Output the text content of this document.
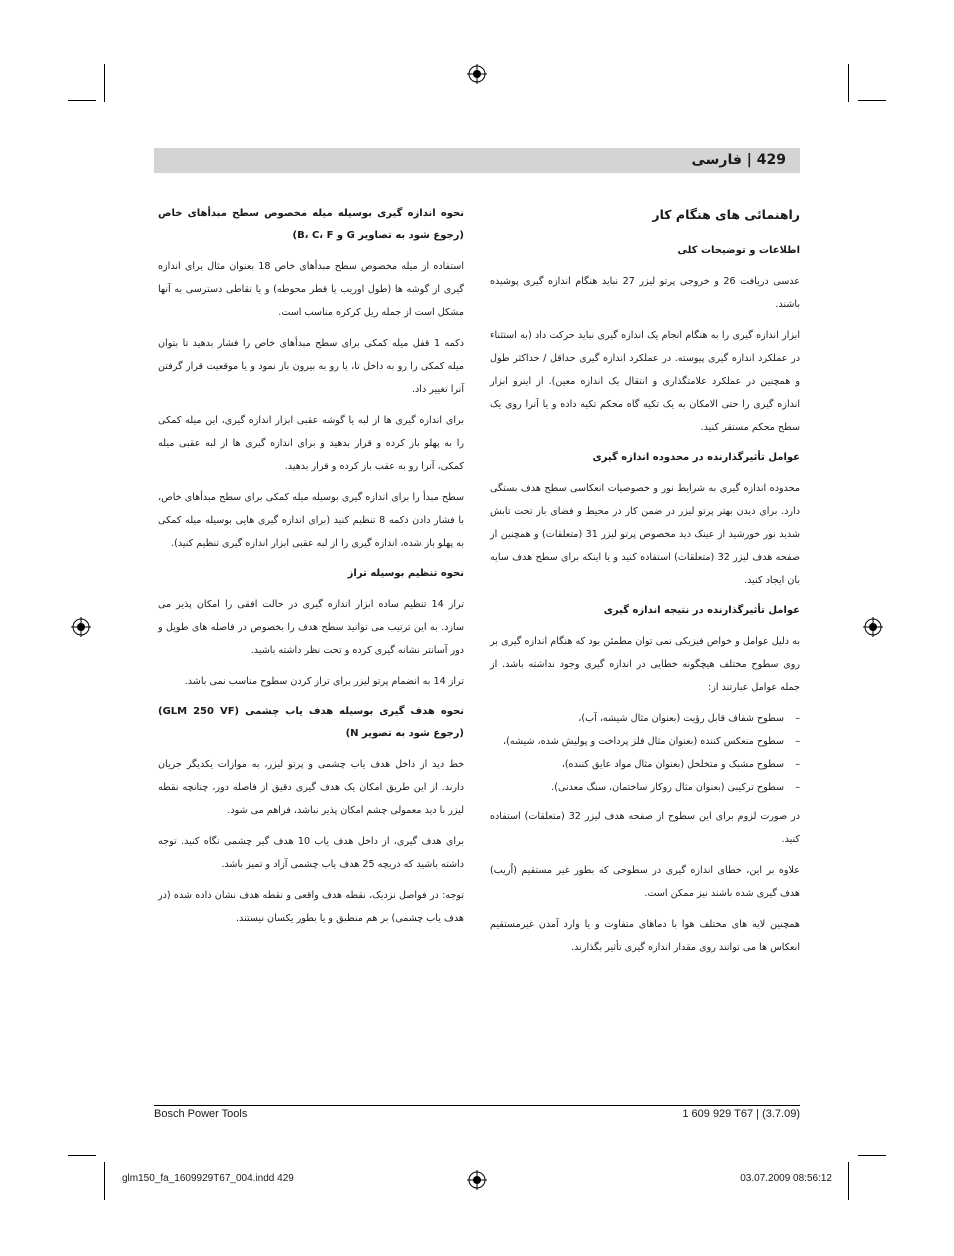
429 | فارسی
راهنمائی های هنگام کار
اطلاعات و توضیحات کلی
عدسی دریافت 26 و خروجی پرتو لیزر 27 نباید هنگام اندازه گیری پوشیده باشند.
ابزار اندازه گیری را به هنگام انجام یک اندازه گیری نباید حرکت داد (به استثناء در عملکرد اندازه گیری پیوسته. در عملکرد اندازه گیری حداقل / حداکثر طول و همچنین در عملکرد علامتگذاری و انتقال یک اندازه معین). از اینرو ابزار اندازه گیری را حتی الامکان به یک تکیه گاه محکم تکیه داده و یا آنرا روی یک سطح محکم مستقر کنید.
عوامل تأثیرگذارنده در محدوده اندازه گیری
محدوده اندازه گیری به شرایط نور و خصوصیات انعکاسی سطح هدف بستگی دارد. برای دیدن بهتر پرتو لیزر در ضمن کار در محیط و فضای باز تحت تابش شدید نور خورشید از عینک دید مخصوص پرتو لیزر 31 (متعلقات) و همچنین از صفحه هدف لیزر 32 (متعلقات) استفاده کنید و یا اینکه برای سطح هدف سایه بان ایجاد کنید.
عوامل تأثیرگذارنده در نتیجه اندازه گیری
به دلیل عوامل و خواص فیزیکی نمی توان مطمئن بود که هنگام اندازه گیری بر روی سطوح مختلف هیچگونه خطایی در اندازه گیری وجود نداشته باشد. از جمله عوامل عبارتند از:
– سطوح شفاف قابل رؤیت (بعنوان مثال شیشه، آب)،
– سطوح منعکس کننده (بعنوان مثال فلز پرداخت و پولیش شده، شیشه)،
– سطوح مشبک و متخلخل (بعنوان مثال مواد عایق کننده)،
– سطوح ترکیبی (بعنوان مثال روکار ساختمان، سنگ معدنی).
در صورت لزوم برای این سطوح از صفحه هدف لیزر 32 (متعلقات) استفاده کنید.
علاوه بر این، خطای اندازه گیری در سطوحی که بطور غیر مستقیم (اُریب) هدف گیری شده باشند نیز ممکن است.
همچنین لایه های مختلف هوا با دماهای متفاوت و یا وارد آمدن غیرمستقیم انعکاس ها می توانند روی مقدار اندازه گیری تأثیر بگذارند.
نحوه اندازه گیری بوسیله میله مخصوص سطح مبدأهای خاص (رجوع شود به تصاویر G و B، C، F)
استفاده از میله مخصوص سطح مبدأهای خاص 18 بعنوان مثال برای اندازه گیری از گوشه ها (طول اوریب یا قطر محوطه) و یا نقاطی دسترسی به آنها مشکل است از جمله ریل کرکره مناسب است.
دکمه 1 قفل میله کمکی برای سطح مبدأهای خاص را فشار بدهید تا بتوان میله کمکی را رو به داخل تا، یا رو به بیرون باز نمود و یا موقعیت قرار گرفتن آنرا تغییر داد.
برای اندازه گیری ها از لبه یا گوشه عقبی ابزار اندازه گیری، این میله کمکی را به پهلو باز کرده و قرار بدهید و برای اندازه گیری ها از لبه عقبی میله کمکی، آنرا رو به عقب باز کرده و قرار بدهید.
سطح مبدأ را برای اندازه گیری بوسیله میله کمکی برای سطح مبدأهای خاص، با فشار دادن دکمه 8 تنظیم کنید (برای اندازه گیری هایی بوسیله میله کمکی به پهلو باز شده، اندازه گیری را از لبه عقبی ابزار اندازه گیری تنظیم کنید).
نحوه تنظیم بوسیله تراز
تراز 14 تنظیم ساده ابزار اندازه گیری در حالت افقی را امکان پذیر می سازد. به این ترتیب می توانید سطح هدف را بخصوص در فاصله های طویل و دور آسانتر نشانه گیری کرده و تحت نظر داشته باشید.
تراز 14 به انضمام پرتو لیزر برای تراز کردن سطوح مناسب نمی باشد.
نحوه هدف گیری بوسیله هدف یاب چشمی (GLM 250 VF) (رجوع شود به تصویر N)
خط دید از داخل هدف یاب چشمی و پرتو لیزر، به موازات یکدیگر جریان دارند. از این طریق امکان یک هدف گیری دقیق از فاصله دور، چنانچه نقطه لیزر با دید معمولی چشم امکان پذیر نباشد، فراهم می شود.
برای هدف گیری، از داخل هدف یاب 10 هدف گیر چشمی نگاه کنید. توجه داشته باشید که دریچه 25 هدف یاب چشمی آزاد و تمیز باشد.
توجه: در فواصل نزدیک، نقطه هدف واقعی و نقطه هدف نشان داده شده (در هدف یاب چشمی) بر هم منطبق و یا بطور یکسان نیستند.
Bosch Power Tools	1 609 929 T67 | (3.7.09)
glm150_fa_1609929T67_004.indd 429	03.07.2009 08:56:12
